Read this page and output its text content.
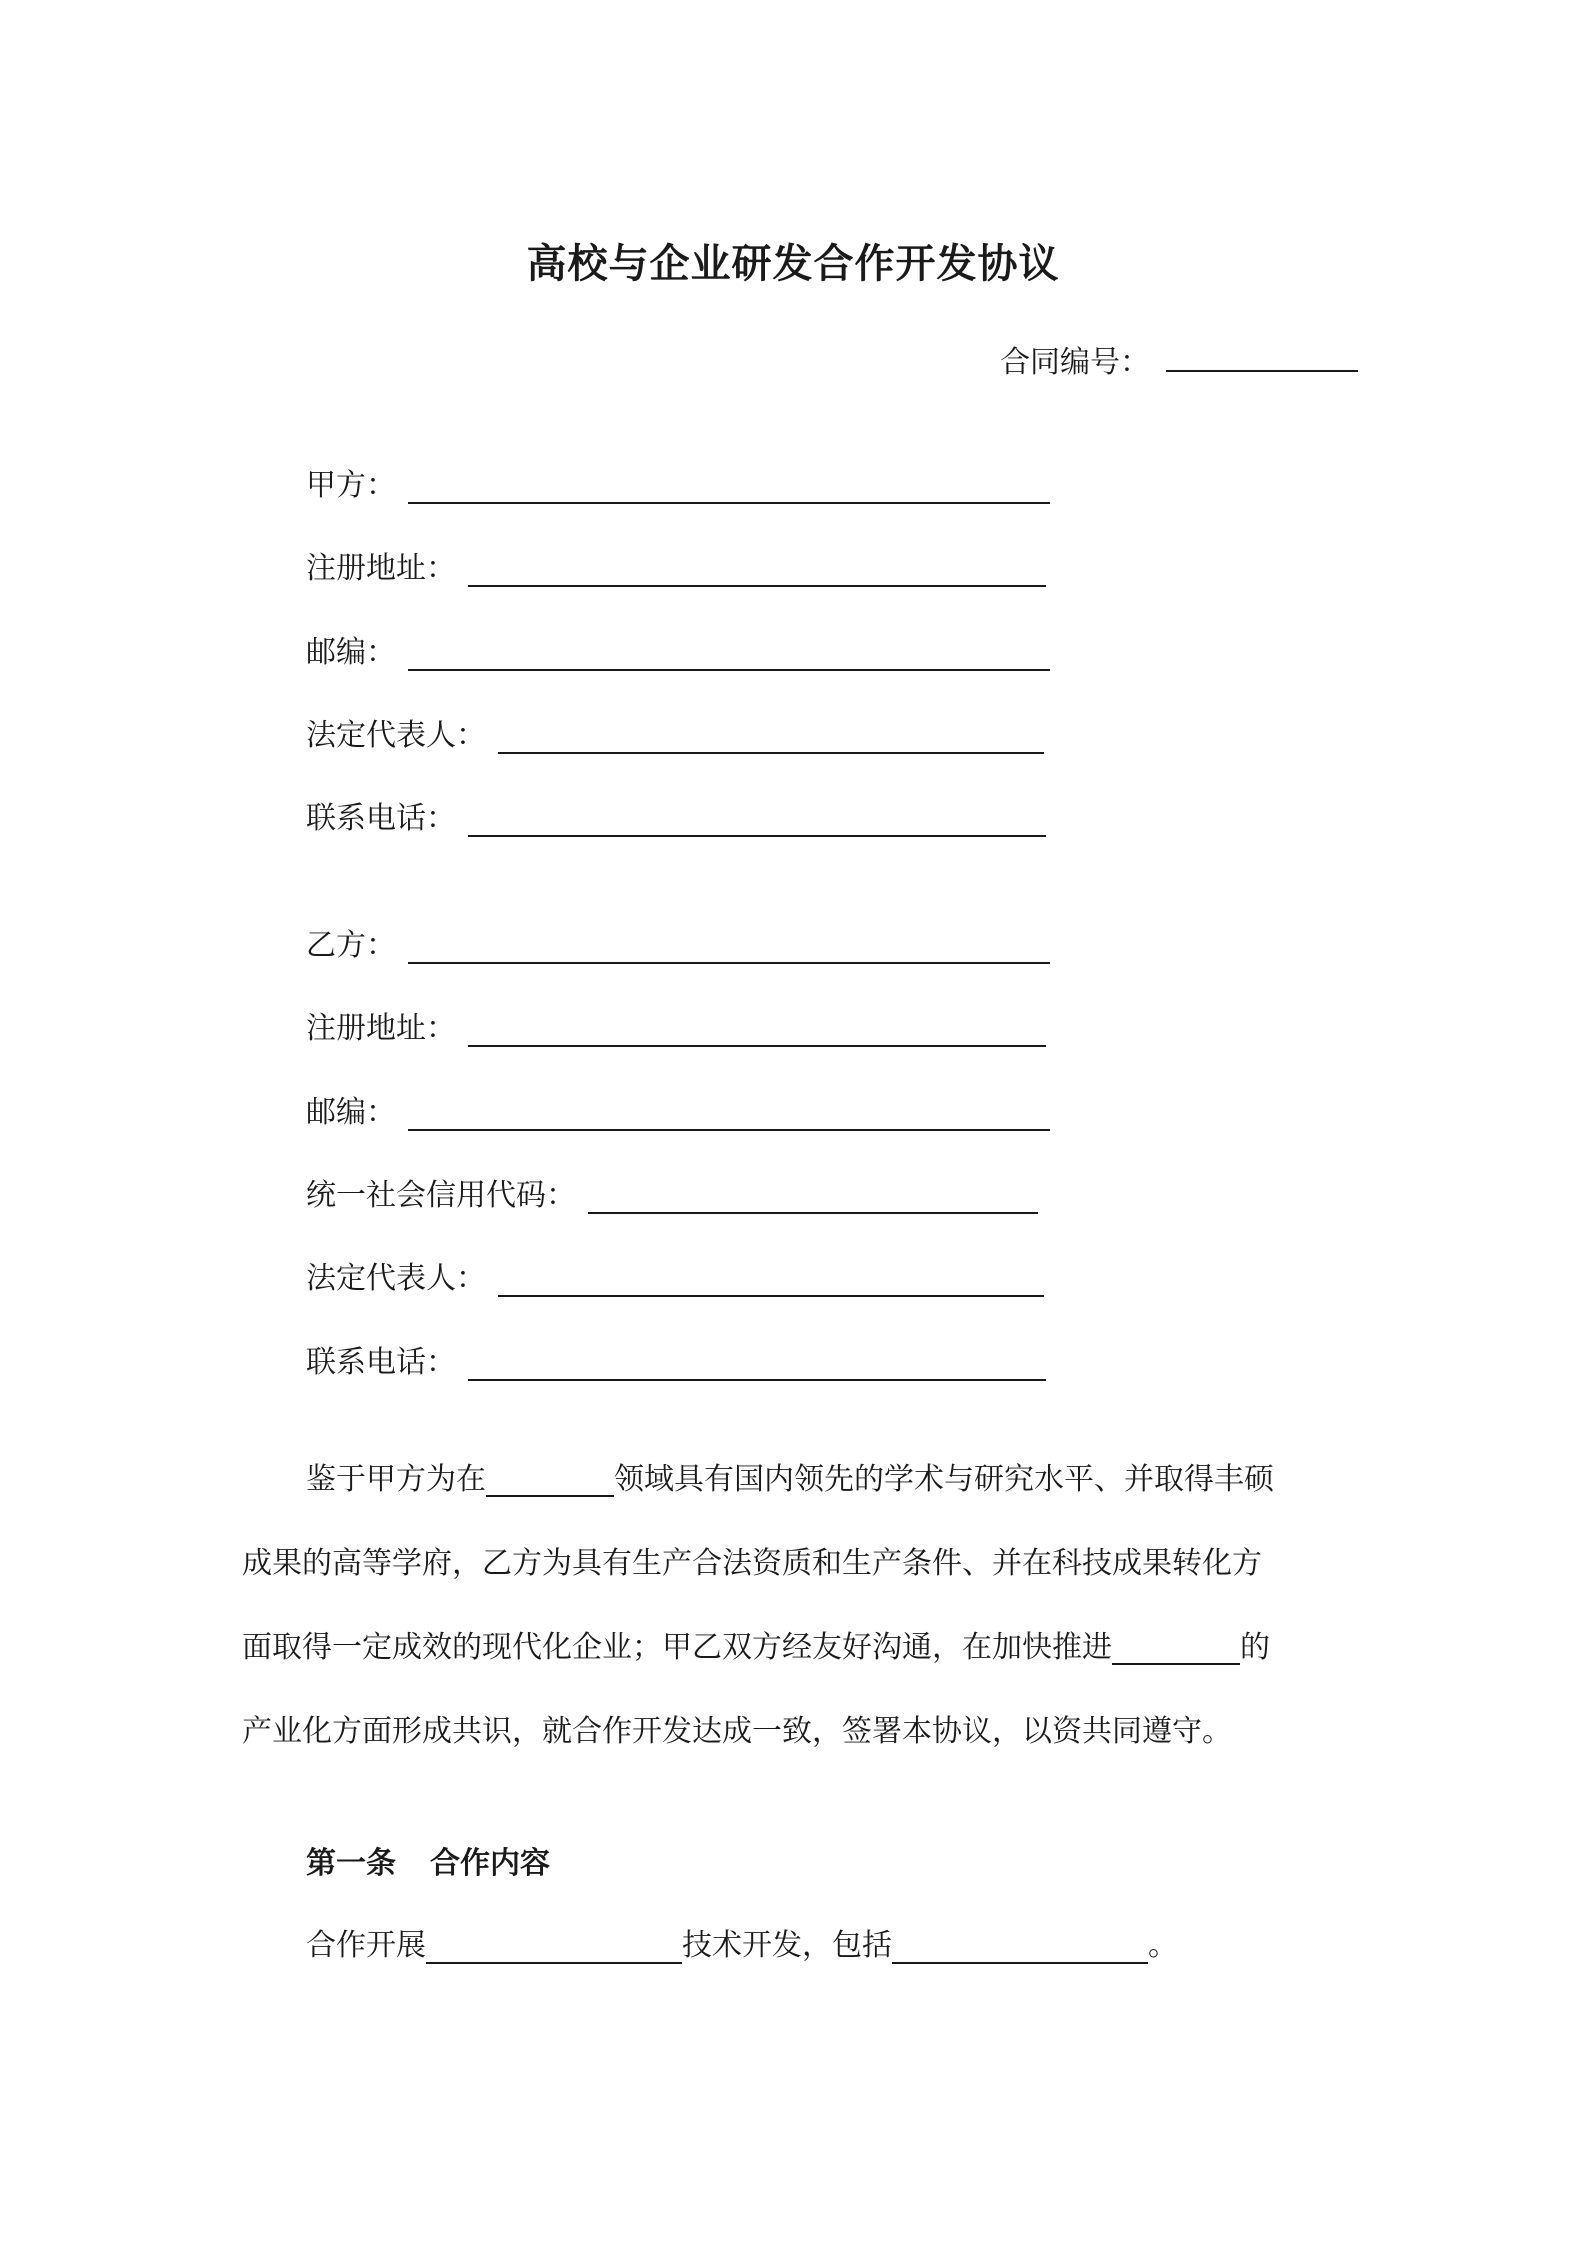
高校与企业研发合作开发协议
合同编号：
甲方：
注册地址：
邮编：
法定代表人：
联系电话：
乙方：
注册地址：
邮编：
统一社会信用代码：
法定代表人：
联系电话：
鉴于甲方为在	领域具有国内领先的学术与研究水平、并取得丰硕
成果的高等学府，乙方为具有生产合法资质和生产条件、并在科技成果转化方
面取得一定成效的现代化企业；甲乙双方经友好沟通，在加快推进	的
产业化方面形成共识，就合作开发达成一致，签署本协议，以资共同遵守。
第一条 合作内容
合作开展	技术开发，包括	。
